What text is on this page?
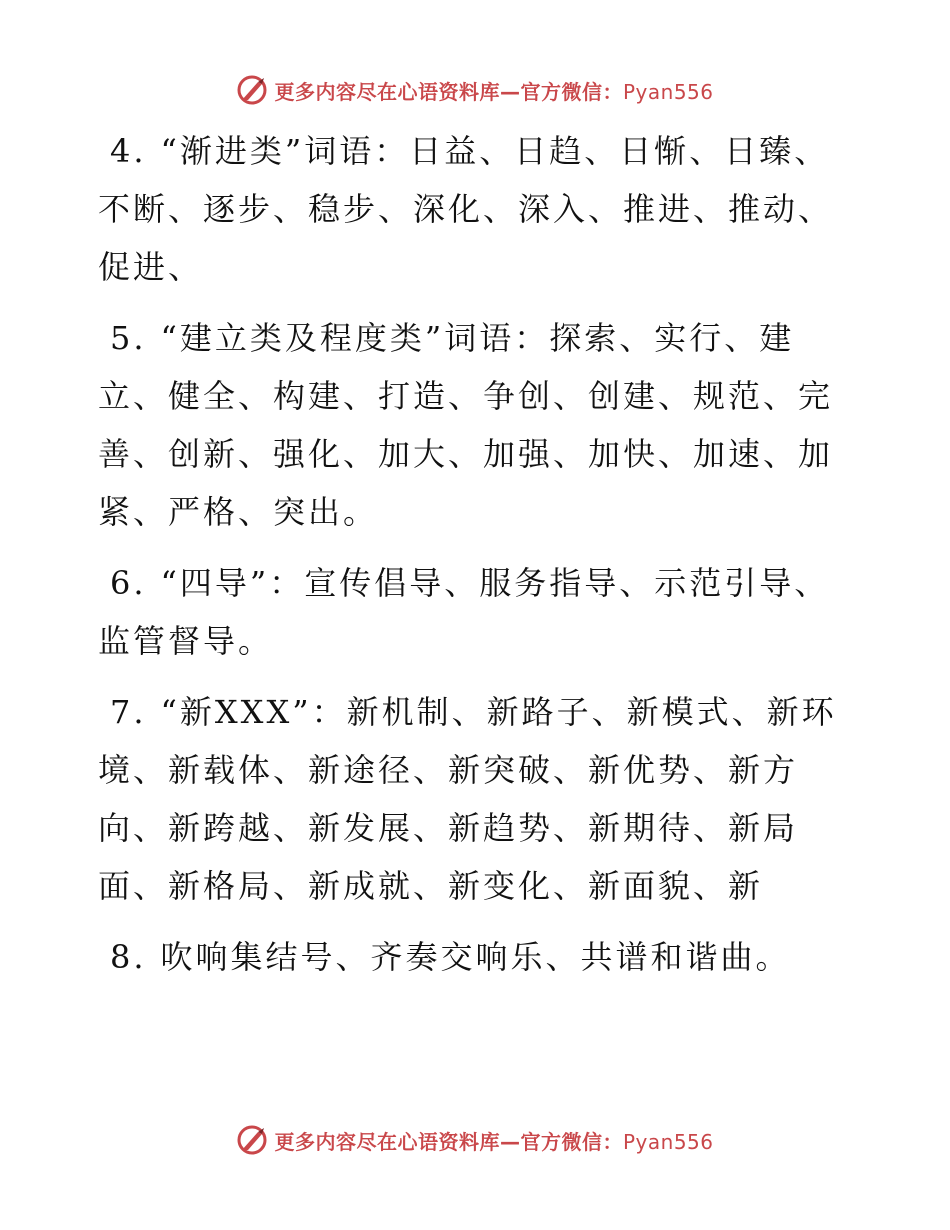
更多内容尽在心语资料库—官方微信：Pyan556

4. “渐进类”词语：日益、日趋、日惭、日臻、不断、逐步、稳步、深化、深入、推进、推动、促进、

5. “建立类及程度类”词语：探索、实行、建立、健全、构建、打造、争创、创建、规范、完善、创新、强化、加大、加强、加快、加速、加紧、严格、突出。

6. “四导”：宣传倡导、服务指导、示范引导、监管督导。

7. “新XXX”：新机制、新路子、新模式、新环境、新载体、新途径、新突破、新优势、新方向、新跨越、新发展、新趋势、新期待、新局面、新格局、新成就、新变化、新面貌、新

8. 吹响集结号、齐奏交响乐、共谱和谐曲。

更多内容尽在心语资料库—官方微信：Pyan556
